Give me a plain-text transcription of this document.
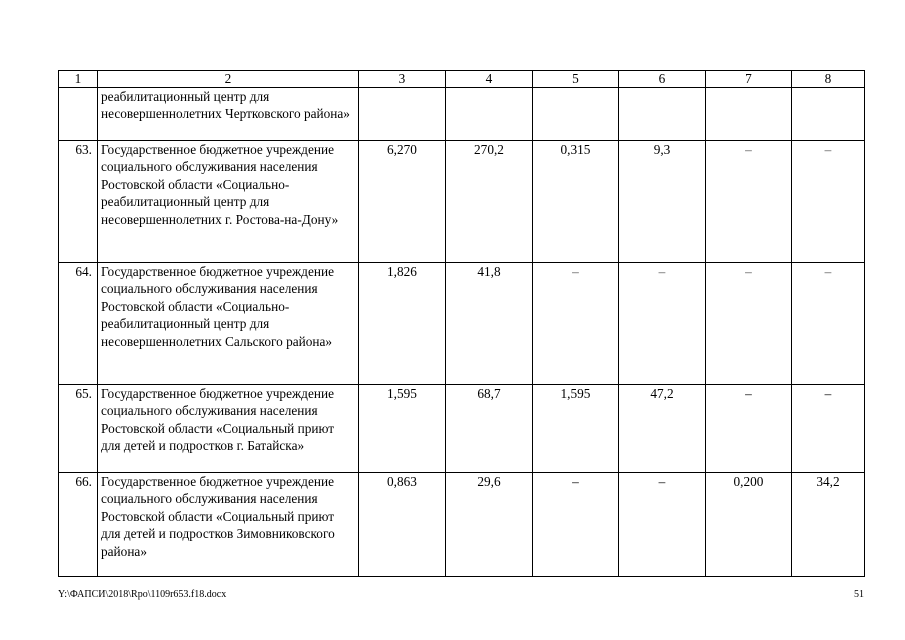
1	2	3	4	5	6	7	8
	реабилитационный центр для несовершеннолетних Чертковского района»						
63.	Государственное бюджетное учреждение социального обслуживания населения Ростовской области «Социально-реабилитационный центр для несовершеннолетних г. Ростова-на-Дону»	6,270	270,2	0,315	9,3	–	–
64.	Государственное бюджетное учреждение социального обслуживания населения Ростовской области «Социально-реабилитационный центр для несовершеннолетних Сальского района»	1,826	41,8	–	–	–	–
65.	Государственное бюджетное учреждение социального обслуживания населения Ростовской области «Социальный приют для детей и подростков г. Батайска»	1,595	68,7	1,595	47,2	–	–
66.	Государственное бюджетное учреждение социального обслуживания населения Ростовской области «Социальный приют для детей и подростков Зимовниковского района»	0,863	29,6	–	–	0,200	34,2
Y:\ФАПСИ\2018\Rpo\1109r653.f18.docx	51
